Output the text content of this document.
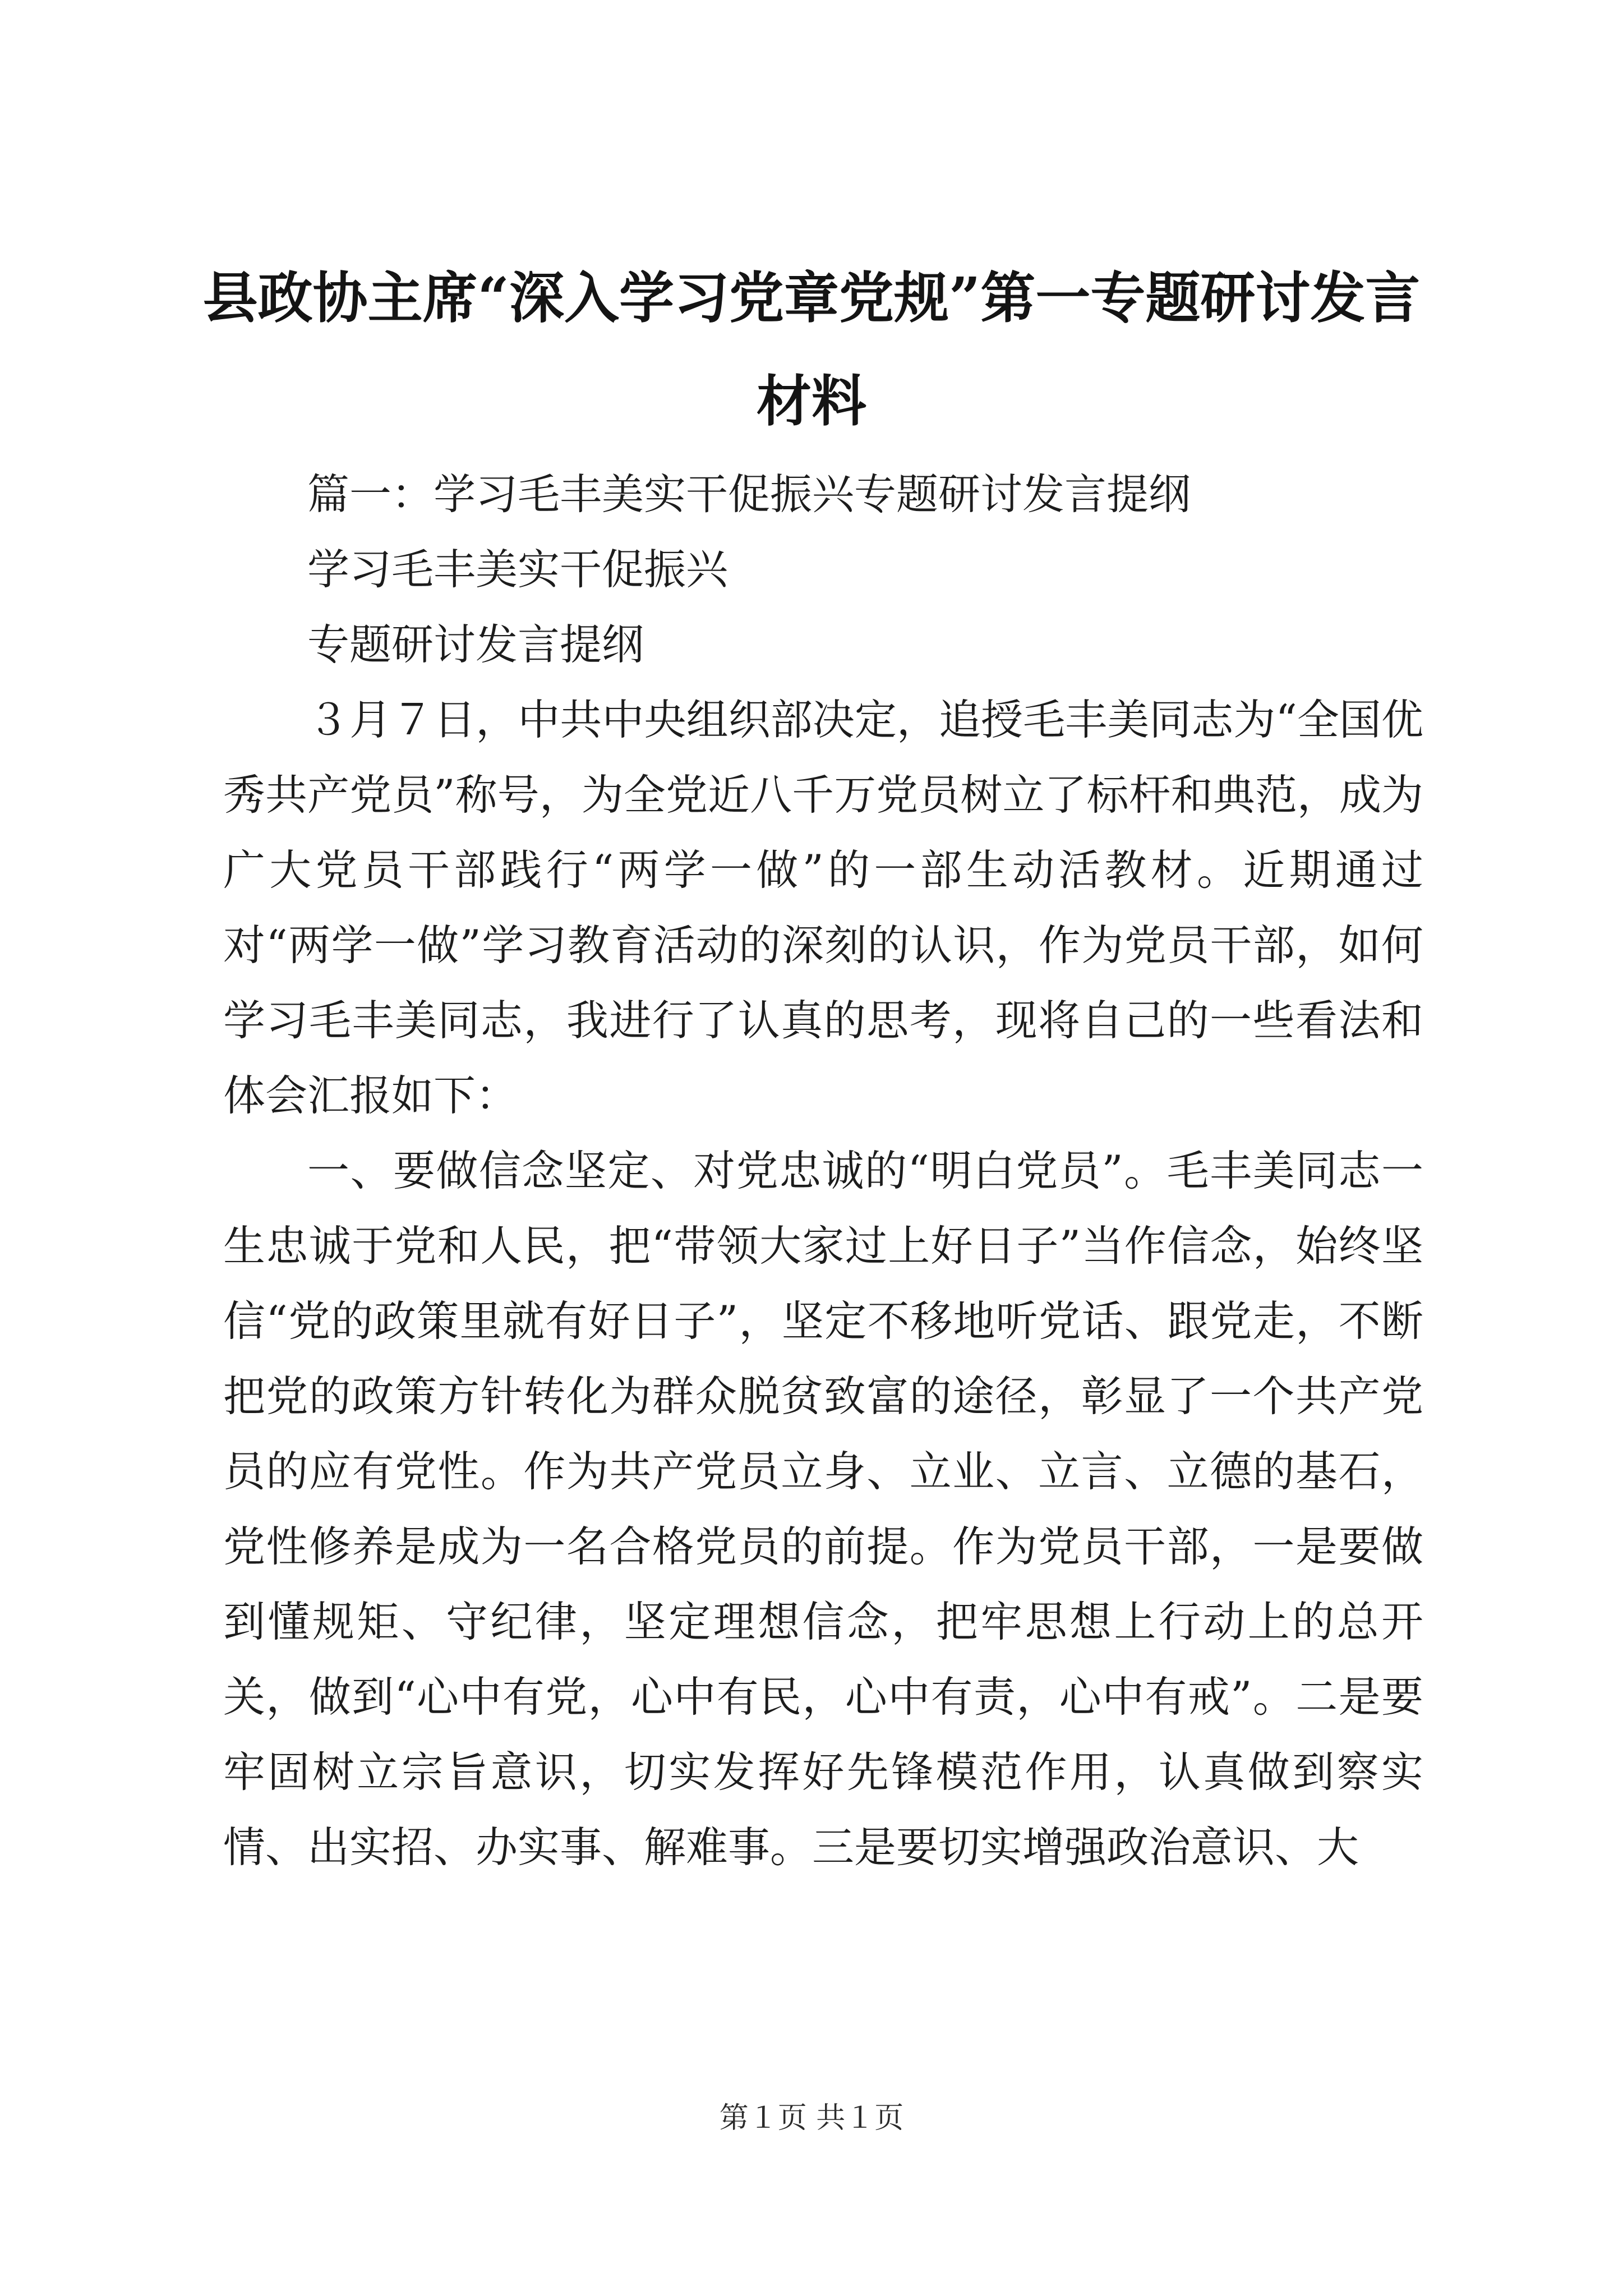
县政协主席“深入学习党章党规”第一专题研讨发言材料

篇一：学习毛丰美实干促振兴专题研讨发言提纲

学习毛丰美实干促振兴

专题研讨发言提纲

３月７日，中共中央组织部决定，追授毛丰美同志为“全国优秀共产党员”称号，为全党近八千万党员树立了标杆和典范，成为广大党员干部践行“两学一做”的一部生动活教材。近期通过对“两学一做”学习教育活动的深刻的认识，作为党员干部，如何学习毛丰美同志，我进行了认真的思考，现将自己的一些看法和体会汇报如下：

一、要做信念坚定、对党忠诚的“明白党员”。毛丰美同志一生忠诚于党和人民，把“带领大家过上好日子”当作信念，始终坚信“党的政策里就有好日子”，坚定不移地听党话、跟党走，不断把党的政策方针转化为群众脱贫致富的途径，彰显了一个共产党员的应有党性。作为共产党员立身、立业、立言、立德的基石，党性修养是成为一名合格党员的前提。作为党员干部，一是要做到懂规矩、守纪律，坚定理想信念，把牢思想上行动上的总开关，做到“心中有党，心中有民，心中有责，心中有戒”。二是要牢固树立宗旨意识，切实发挥好先锋模范作用，认真做到察实情、出实招、办实事、解难事。三是要切实增强政治意识、大

第１页 共１页
